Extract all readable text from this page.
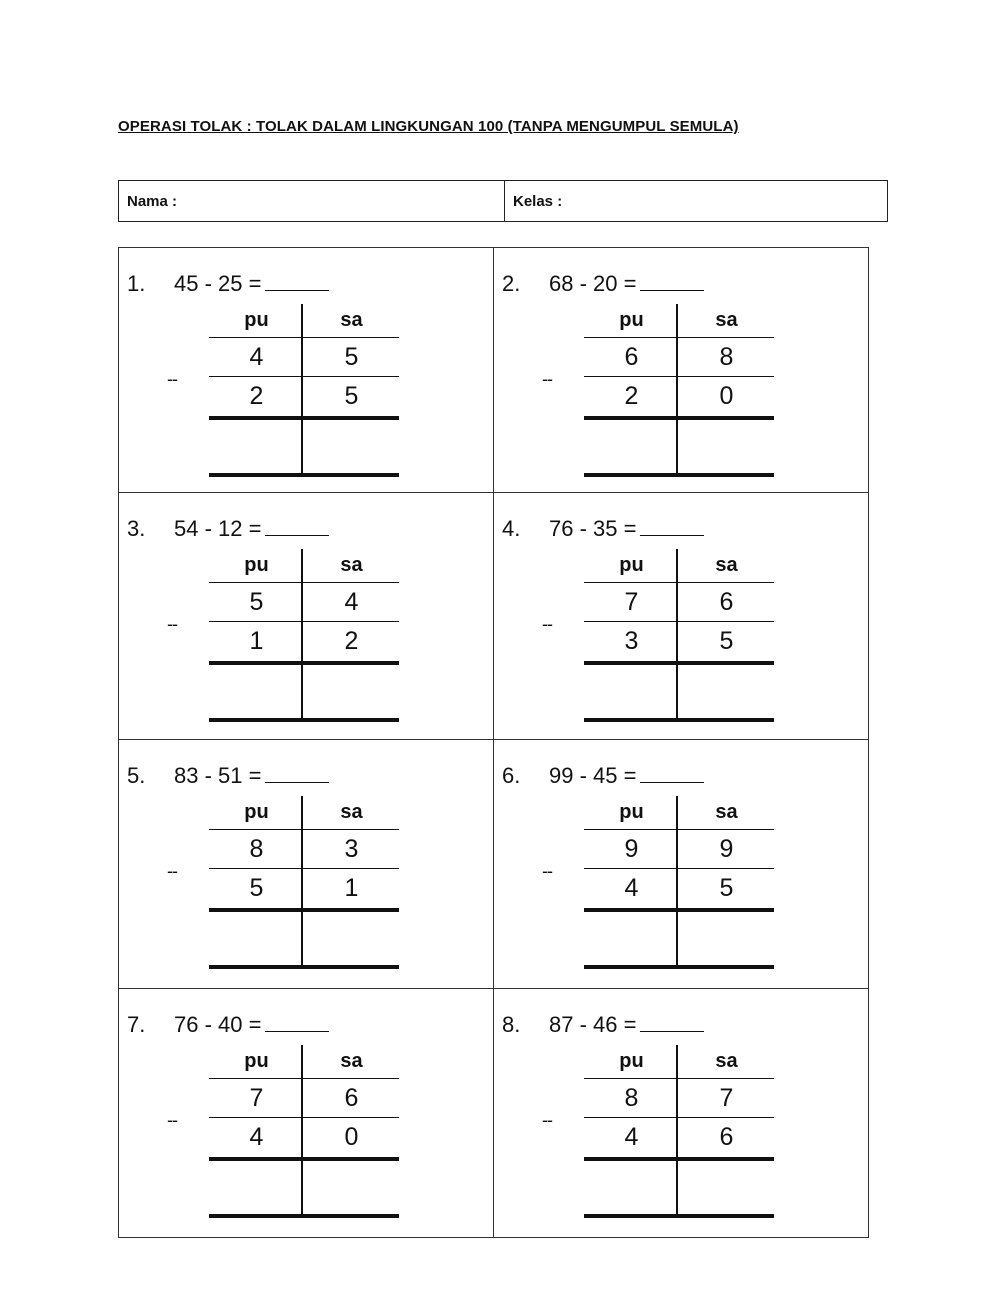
OPERASI TOLAK : TOLAK DALAM LINGKUNGAN 100 (TANPA MENGUMPUL SEMULA)
Nama :	Kelas :
1. 45 - 25 =
--
pu	sa
4	5
2	5
2. 68 - 20 =
--
pu	sa
6	8
2	0
3. 54 - 12 =
--
pu	sa
5	4
1	2
4. 76 - 35 =
--
pu	sa
7	6
3	5
5. 83 - 51 =
--
pu	sa
8	3
5	1
6. 99 - 45 =
--
pu	sa
9	9
4	5
7. 76 - 40 =
--
pu	sa
7	6
4	0
8. 87 - 46 =
--
pu	sa
8	7
4	6
